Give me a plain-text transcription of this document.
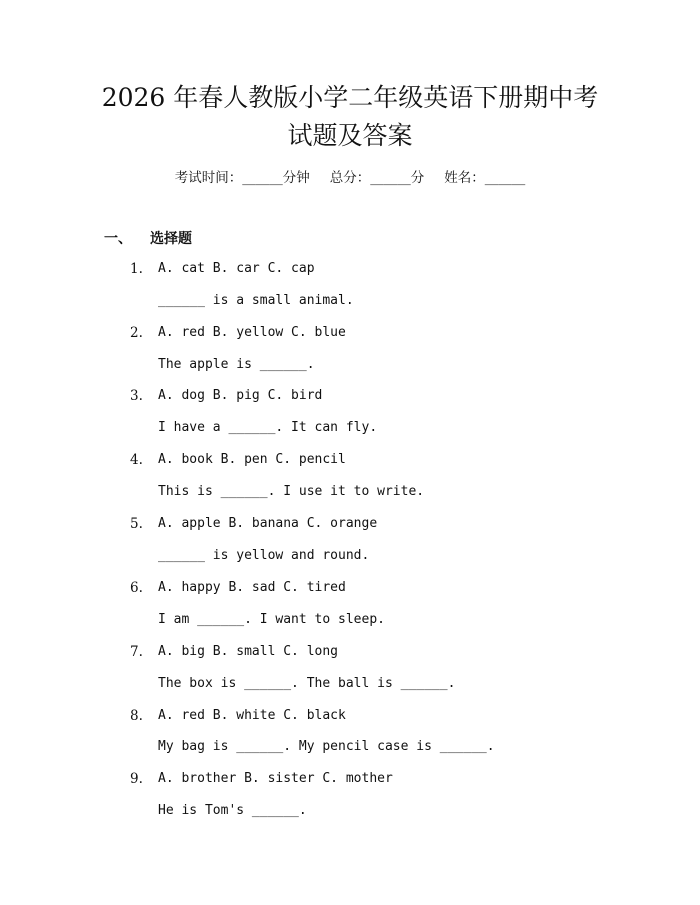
2026 年春人教版小学二年级英语下册期中考
试题及答案
考试时间：______分钟 总分：______分 姓名：______
一、 选择题
1. A. cat B. car C. cap
______ is a small animal.
2. A. red B. yellow C. blue
The apple is ______.
3. A. dog B. pig C. bird
I have a ______. It can fly.
4. A. book B. pen C. pencil
This is ______. I use it to write.
5. A. apple B. banana C. orange
______ is yellow and round.
6. A. happy B. sad C. tired
I am ______. I want to sleep.
7. A. big B. small C. long
The box is ______. The ball is ______.
8. A. red B. white C. black
My bag is ______. My pencil case is ______.
9. A. brother B. sister C. mother
He is Tom's ______.
